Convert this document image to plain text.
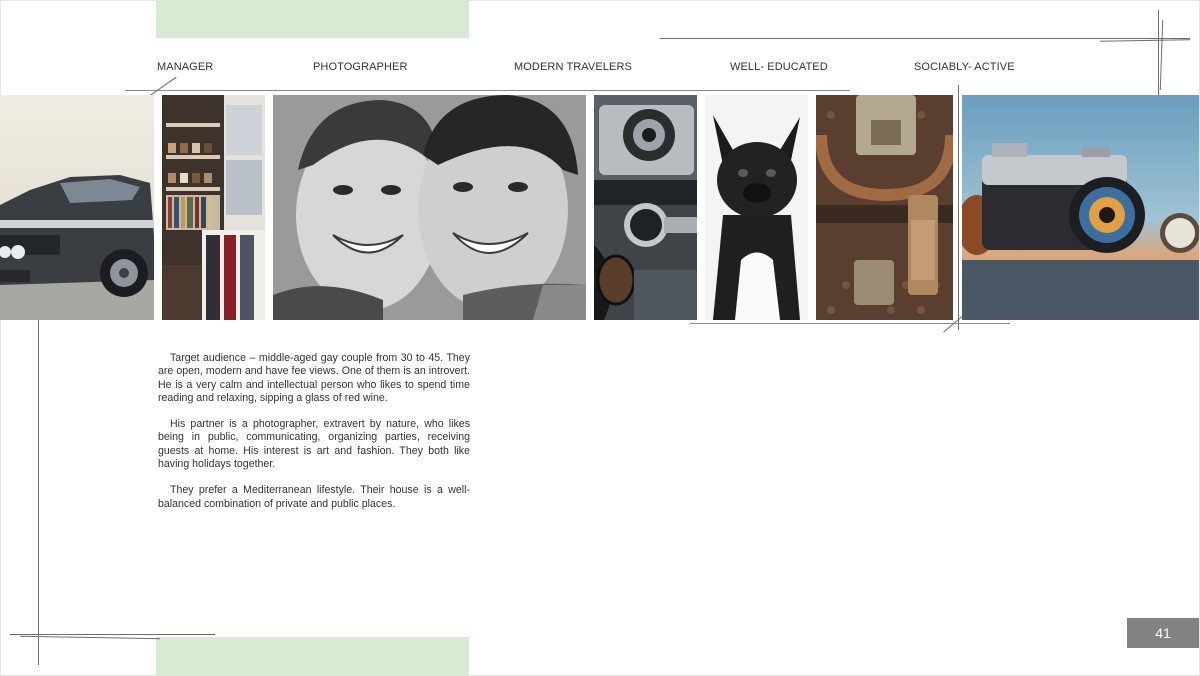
MANAGER	PHOTOGRAPHER	MODERN TRAVELERS	WELL- EDUCATED	SOCIABLY- ACTIVE

Target audience – middle-aged gay couple from 30 to 45. They are open, modern and have fee views. One of them is an introvert. He is a very calm and intellectual person who likes to spend time reading and relaxing, sipping a glass of red wine.

His partner is a photographer, extravert by nature, who likes being in public, communicating, organizing parties, receiving guests at home. His interest is art and fashion. They both like having holidays together.

They prefer a Mediterranean lifestyle. Their house is a well-balanced combination of private and public places.

41
